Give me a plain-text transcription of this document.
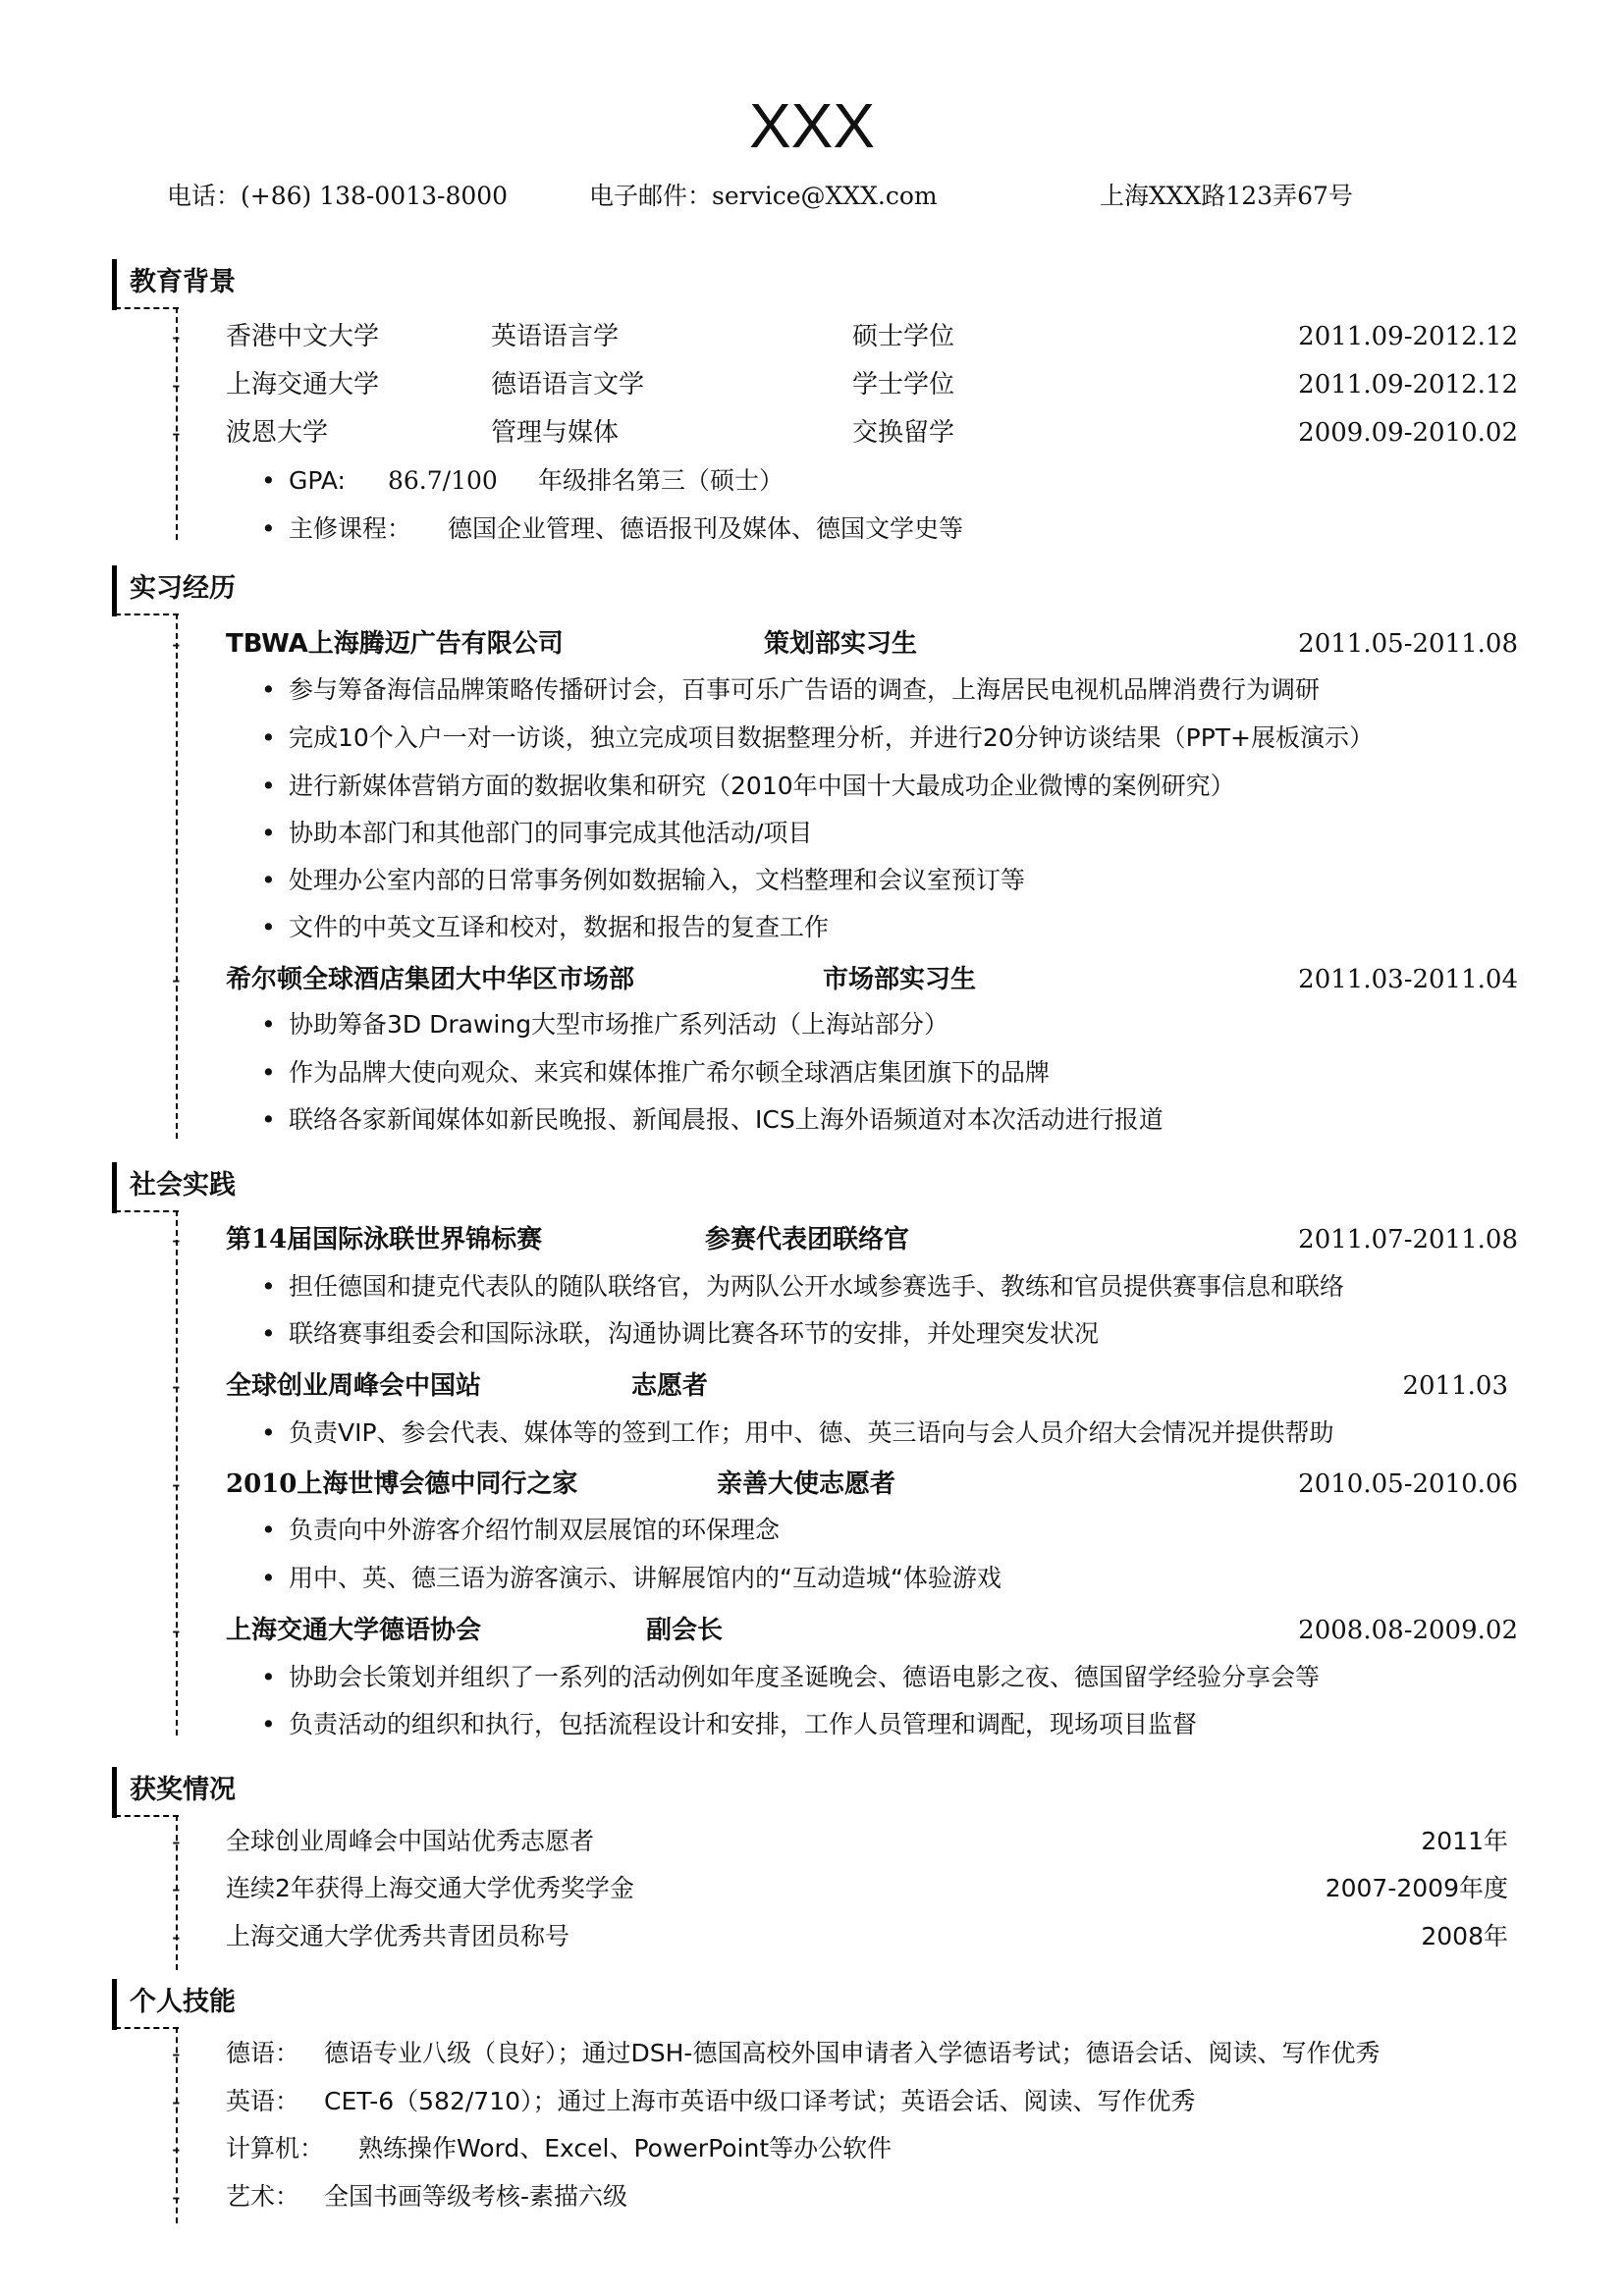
XXX
电话：(+86) 138-0013-8000	电子邮件：service@XXX.com	上海XXX路123弄67号
教育背景
- 香港中文大学	英语语言学	硕士学位	2011.09-2012.12
- 上海交通大学	德语语言文学	学士学位	2011.09-2012.12
- 波恩大学	管理与媒体	交换留学	2009.09-2010.02
• GPA: 86.7/100 年级排名第三（硕士）
• 主修课程： 德国企业管理、德语报刊及媒体、德国文学史等
实习经历
- TBWA上海腾迈广告有限公司	策划部实习生	2011.05-2011.08
• 参与筹备海信品牌策略传播研讨会，百事可乐广告语的调查，上海居民电视机品牌消费行为调研
• 完成10个入户一对一访谈，独立完成项目数据整理分析，并进行20分钟访谈结果（PPT+展板演示）
• 进行新媒体营销方面的数据收集和研究（2010年中国十大最成功企业微博的案例研究）
• 协助本部门和其他部门的同事完成其他活动/项目
• 处理办公室内部的日常事务例如数据输入，文档整理和会议室预订等
• 文件的中英文互译和校对，数据和报告的复查工作
- 希尔顿全球酒店集团大中华区市场部	市场部实习生	2011.03-2011.04
• 协助筹备3D Drawing大型市场推广系列活动（上海站部分）
• 作为品牌大使向观众、来宾和媒体推广希尔顿全球酒店集团旗下的品牌
• 联络各家新闻媒体如新民晚报、新闻晨报、ICS上海外语频道对本次活动进行报道
社会实践
- 第14届国际泳联世界锦标赛	参赛代表团联络官	2011.07-2011.08
• 担任德国和捷克代表队的随队联络官，为两队公开水域参赛选手、教练和官员提供赛事信息和联络
• 联络赛事组委会和国际泳联，沟通协调比赛各环节的安排，并处理突发状况
- 全球创业周峰会中国站	志愿者	2011.03
• 负责VIP、参会代表、媒体等的签到工作；用中、德、英三语向与会人员介绍大会情况并提供帮助
- 2010上海世博会德中同行之家	亲善大使志愿者	2010.05-2010.06
• 负责向中外游客介绍竹制双层展馆的环保理念
• 用中、英、德三语为游客演示、讲解展馆内的“互动造城“体验游戏
- 上海交通大学德语协会	副会长	2008.08-2009.02
• 协助会长策划并组织了一系列的活动例如年度圣诞晚会、德语电影之夜、德国留学经验分享会等
• 负责活动的组织和执行，包括流程设计和安排，工作人员管理和调配，现场项目监督
获奖情况
- 全球创业周峰会中国站优秀志愿者	2011年
- 连续2年获得上海交通大学优秀奖学金	2007-2009年度
- 上海交通大学优秀共青团员称号	2008年
个人技能
- 德语： 德语专业八级（良好）；通过DSH-德国高校外国申请者入学德语考试；德语会话、阅读、写作优秀
- 英语： CET-6（582/710）；通过上海市英语中级口译考试；英语会话、阅读、写作优秀
- 计算机： 熟练操作Word、Excel、PowerPoint等办公软件
- 艺术： 全国书画等级考核-素描六级
